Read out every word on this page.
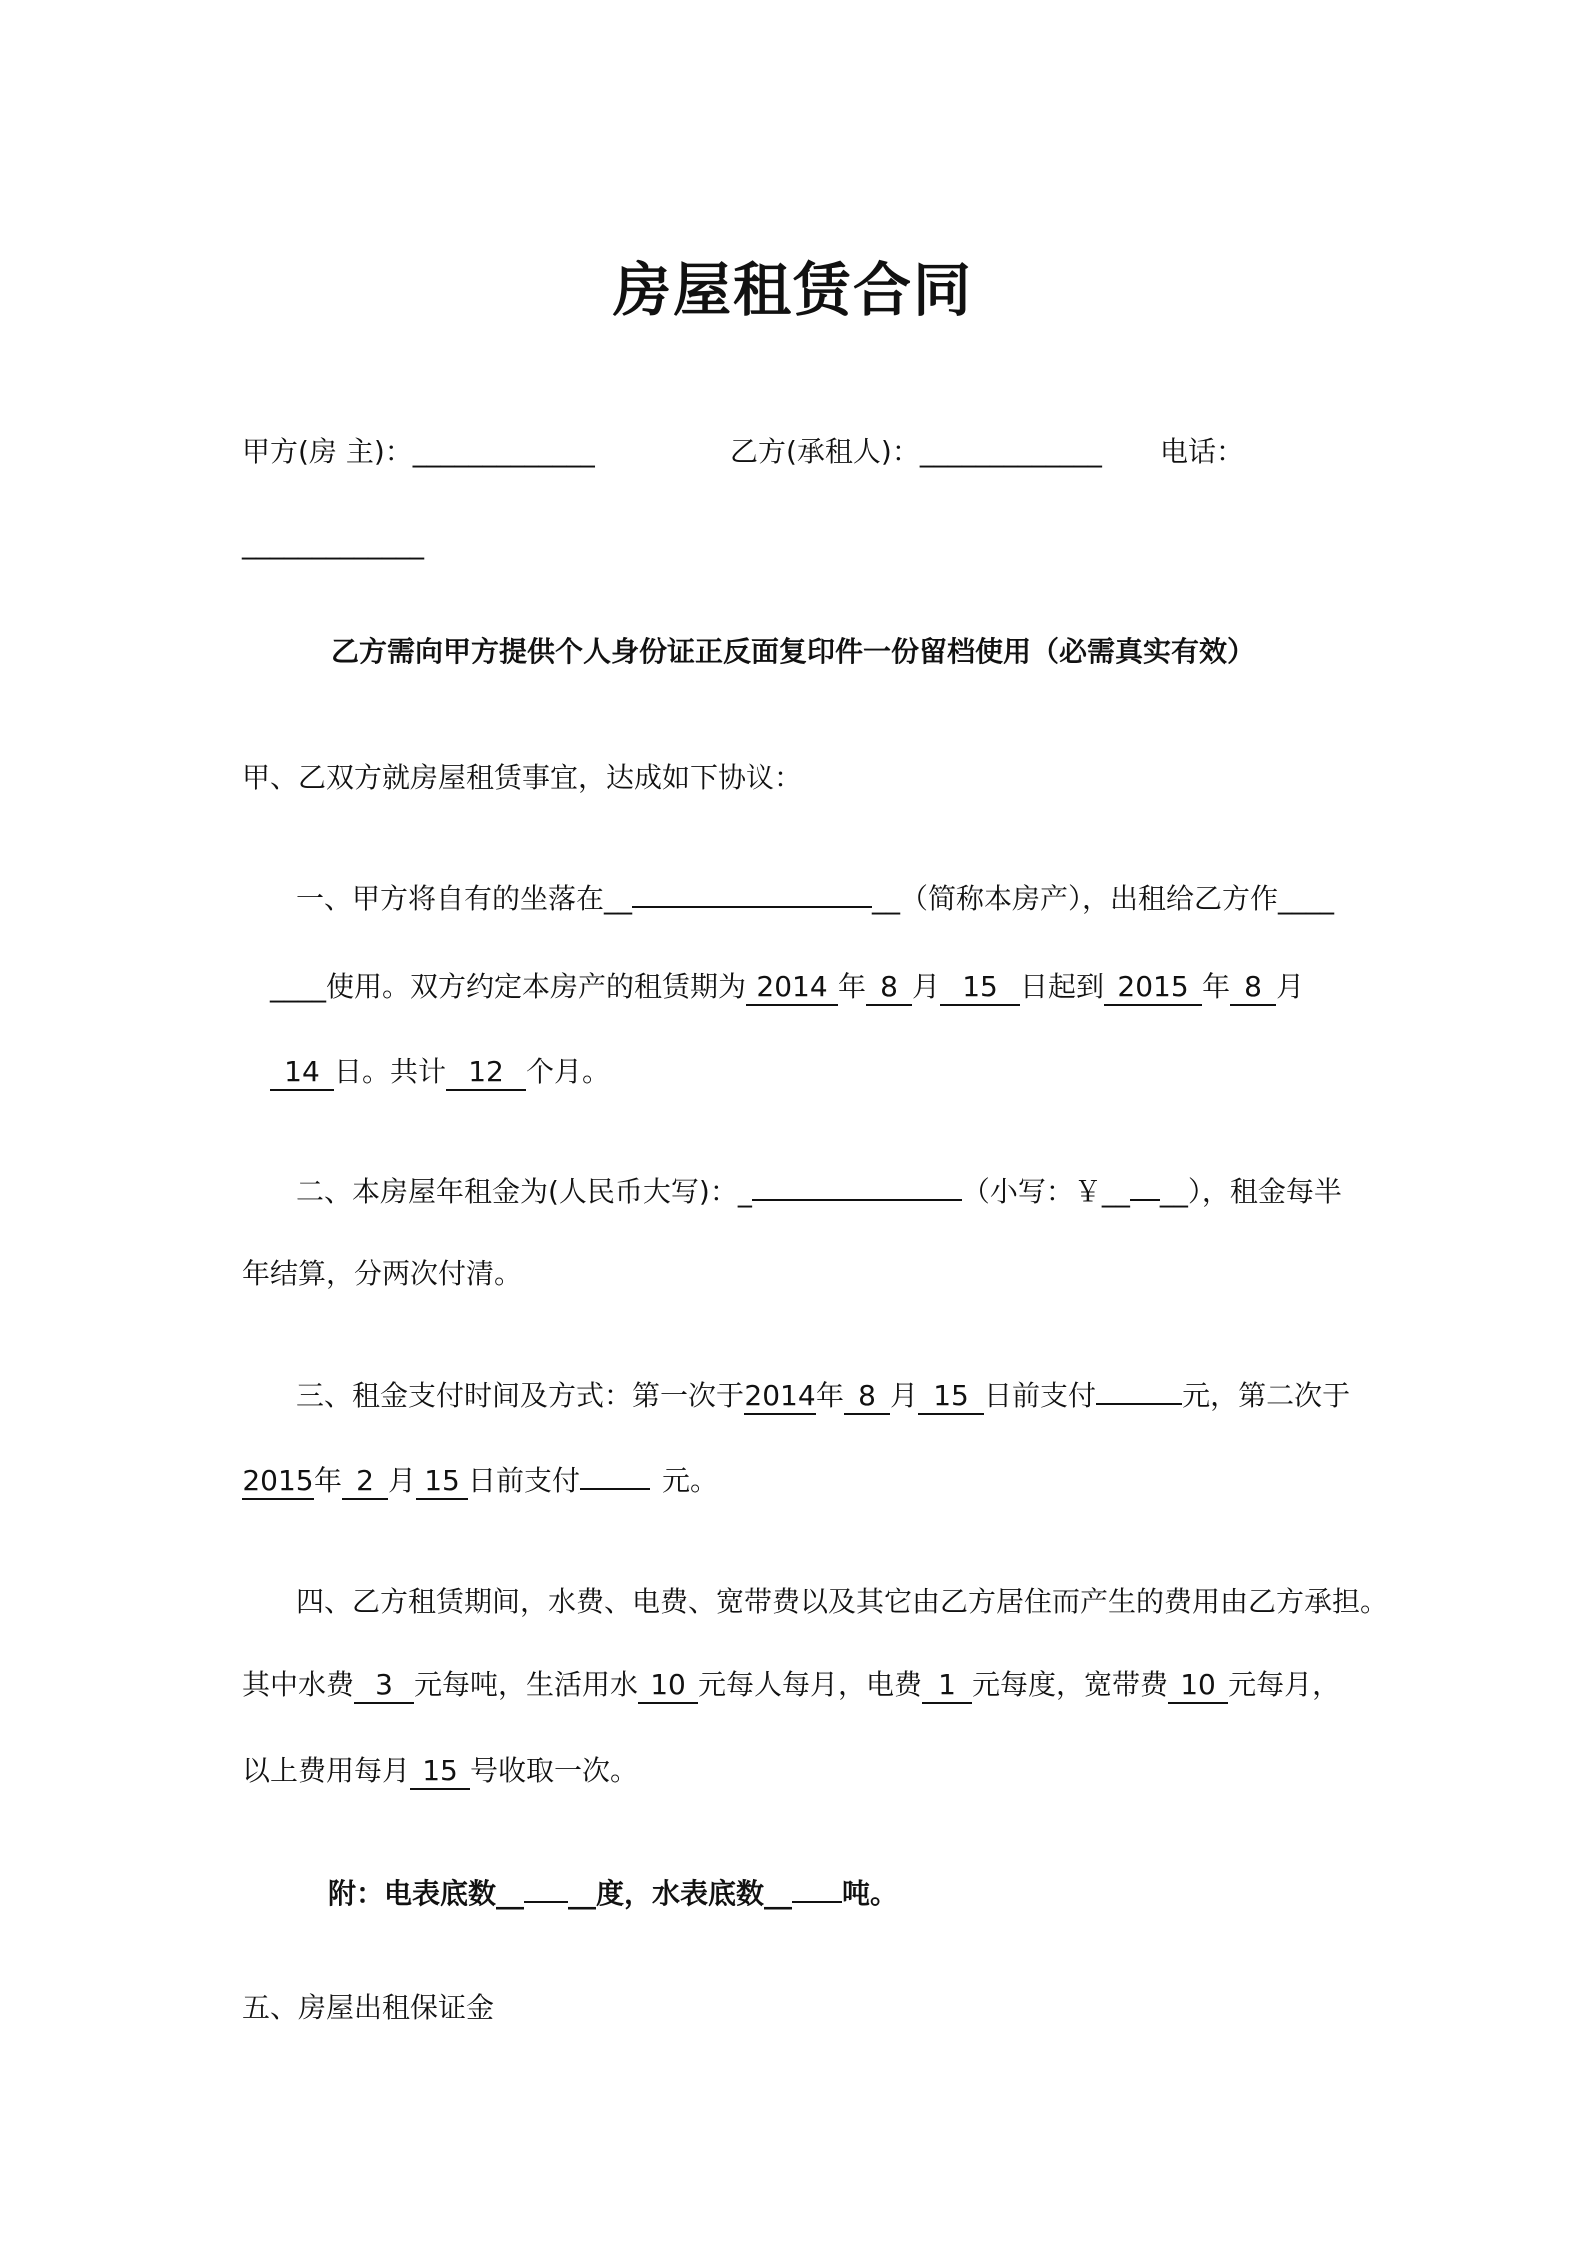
房屋租赁合同
甲方(房 主)：_____________	乙方(承租人)：_____________ 电话：
_____________
乙方需向甲方提供个人身份证正反面复印件一份留档使用（必需真实有效）
甲、乙双方就房屋租赁事宜，达成如下协议：
一、甲方将自有的坐落在__	__（简称本房产），出租给乙方作____
____使用。双方约定本房产的租赁期为 2014 年 8 月 15 日起到 2015 年 8 月
14 日。共计 12 个月。
二、本房屋年租金为(人民币大写)：_	（小写：￥__ __），租金每半
年结算，分两次付清。
三、租金支付时间及方式：第一次于2014年 8 月 15 日前支付	元，第二次于
2015年 2 月 15 日前支付	元。
四、乙方租赁期间，水费、电费、宽带费以及其它由乙方居住而产生的费用由乙方承担。
其中水费 3 元每吨，生活用水 10 元每人每月，电费 1 元每度，宽带费 10 元每月，
以上费用每月 15 号收取一次。
附：电表底数__ __度，水表底数__ 吨。
五、房屋出租保证金
